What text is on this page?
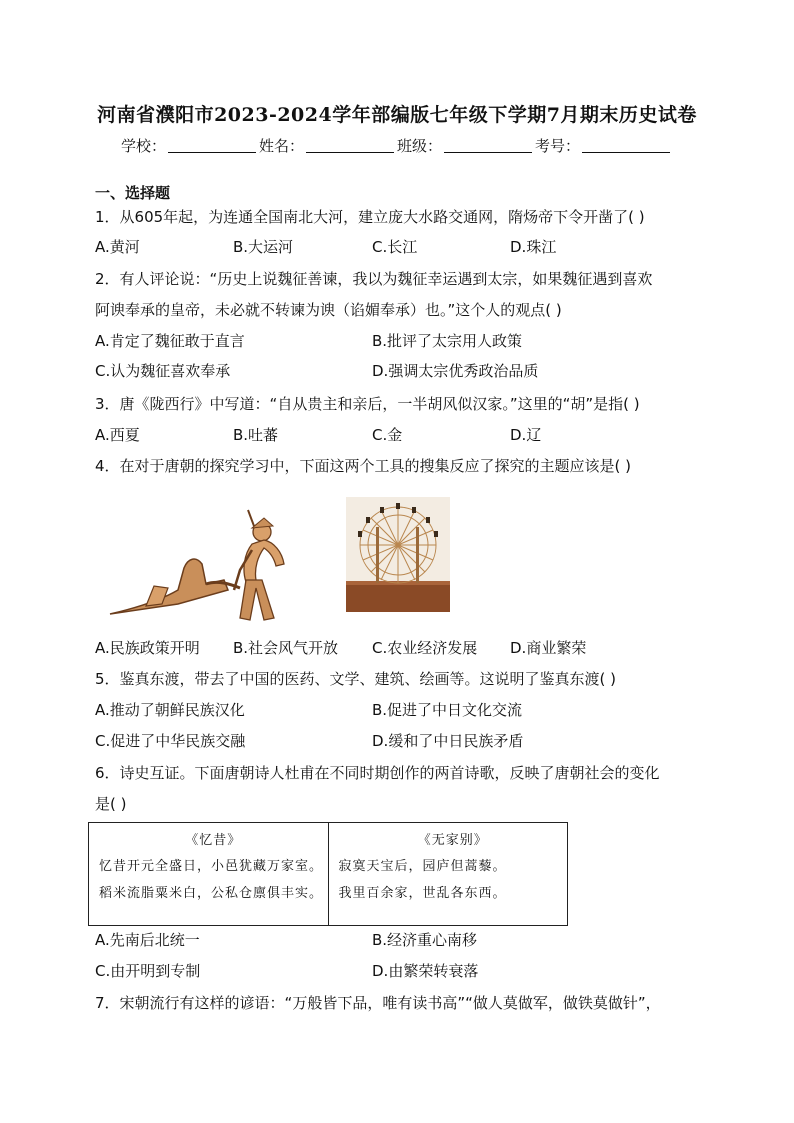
河南省濮阳市2023-2024学年部编版七年级下学期7月期末历史试卷
学校：	姓名：	班级：	考号：
一、选择题
1．从605年起，为连通全国南北大河，建立庞大水路交通网，隋炀帝下令开凿了( )
A.黄河	B.大运河	C.长江	D.珠江
2．有人评论说：“历史上说魏征善谏，我以为魏征幸运遇到太宗，如果魏征遇到喜欢
阿谀奉承的皇帝，未必就不转谏为谀（谄媚奉承）也。”这个人的观点( )
A.肯定了魏征敢于直言	B.批评了太宗用人政策
C.认为魏征喜欢奉承	D.强调太宗优秀政治品质
3．唐《陇西行》中写道：“自从贵主和亲后，一半胡风似汉家。”这里的“胡”是指( )
A.西夏	B.吐蕃	C.金	D.辽
4．在对于唐朝的探究学习中，下面这两个工具的搜集反应了探究的主题应该是( )
A.民族政策开明 B.社会风气开放 C.农业经济发展 D.商业繁荣
5．鉴真东渡，带去了中国的医药、文学、建筑、绘画等。这说明了鉴真东渡( )
A.推动了朝鲜民族汉化	B.促进了中日文化交流
C.促进了中华民族交融	D.缓和了中日民族矛盾
6．诗史互证。下面唐朝诗人杜甫在不同时期创作的两首诗歌，反映了唐朝社会的变化
是( )
《忆昔》
忆昔开元全盛日，小邑犹藏万家室。
稻米流脂粟米白，公私仓廪俱丰实。
《无家别》
寂寞天宝后，园庐但蒿藜。
我里百余家，世乱各东西。
A.先南后北统一	B.经济重心南移
C.由开明到专制	D.由繁荣转衰落
7．宋朝流行有这样的谚语：“万般皆下品，唯有读书高”“做人莫做军，做铁莫做针”，
